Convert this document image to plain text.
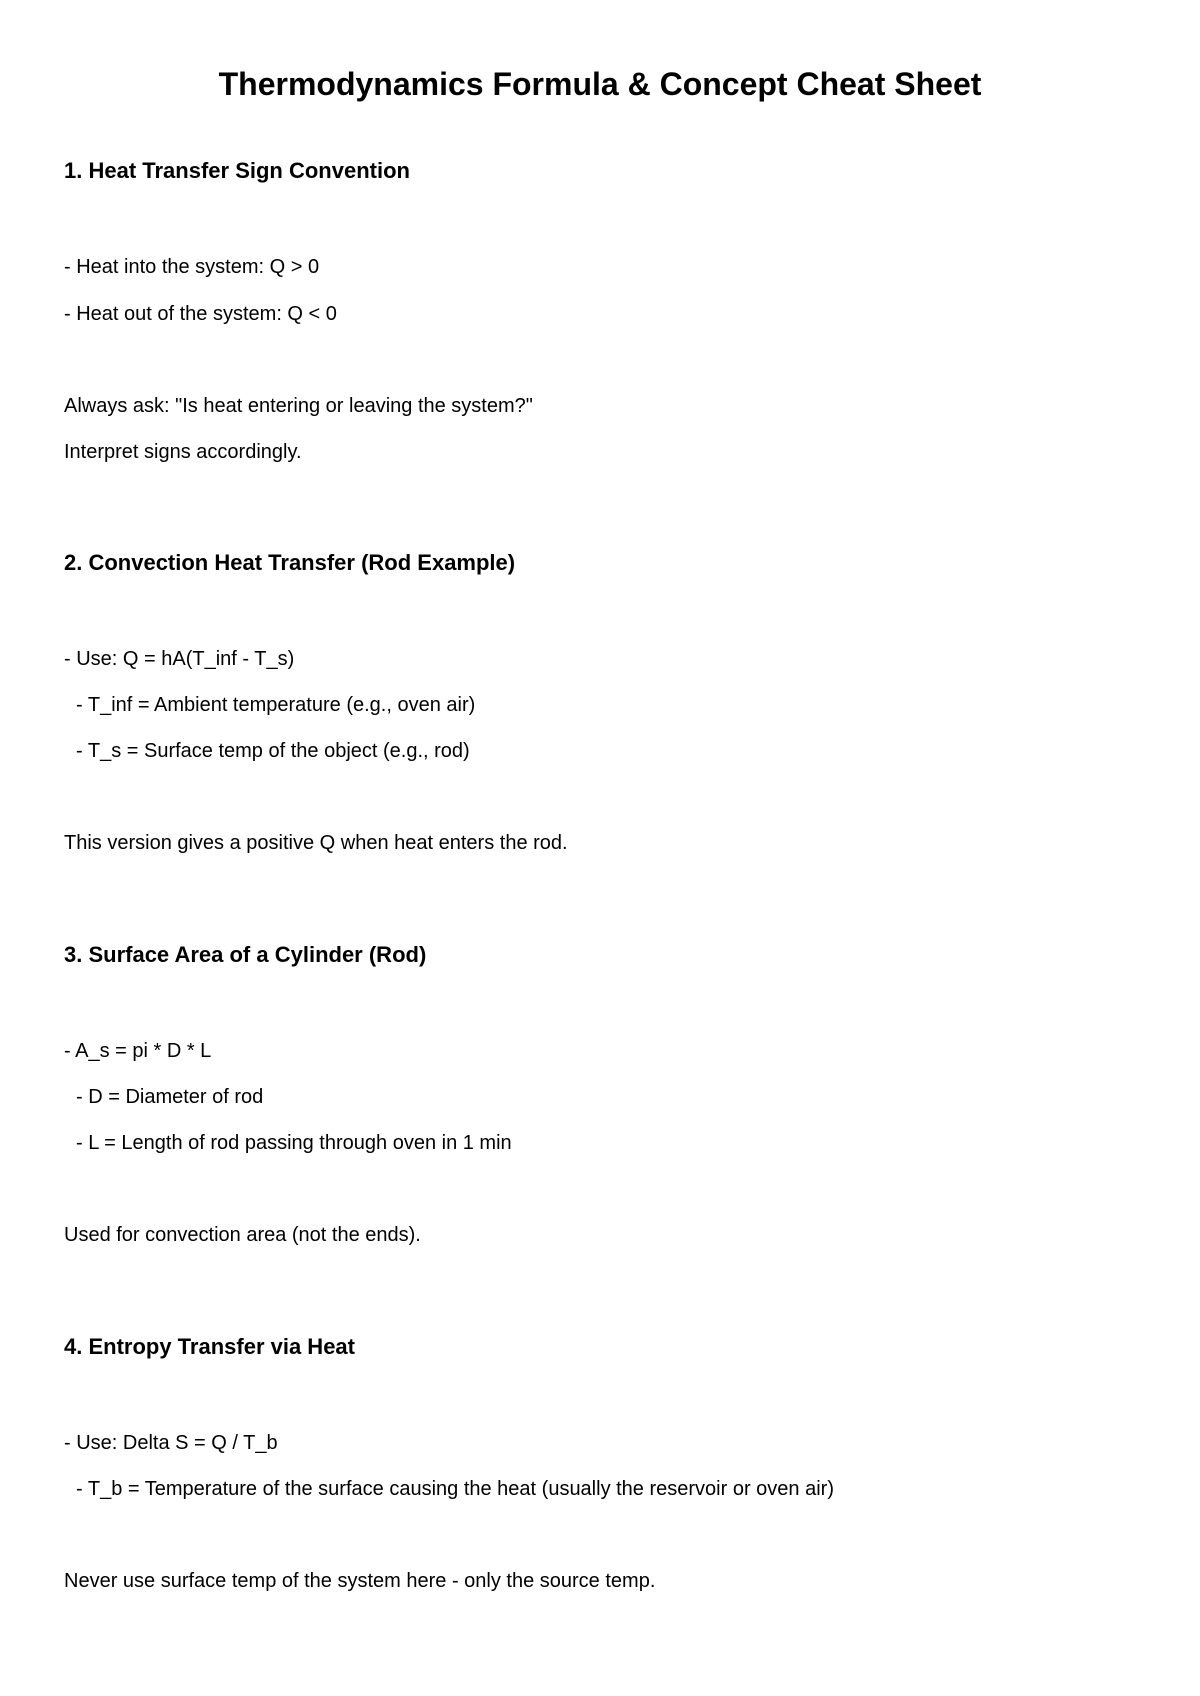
Thermodynamics Formula & Concept Cheat Sheet
1. Heat Transfer Sign Convention
- Heat into the system: Q > 0
- Heat out of the system: Q < 0
Always ask: "Is heat entering or leaving the system?"
Interpret signs accordingly.
2. Convection Heat Transfer (Rod Example)
- Use: Q = hA(T_inf - T_s)
- T_inf = Ambient temperature (e.g., oven air)
- T_s = Surface temp of the object (e.g., rod)
This version gives a positive Q when heat enters the rod.
3. Surface Area of a Cylinder (Rod)
- A_s = pi * D * L
- D = Diameter of rod
- L = Length of rod passing through oven in 1 min
Used for convection area (not the ends).
4. Entropy Transfer via Heat
- Use: Delta S = Q / T_b
- T_b = Temperature of the surface causing the heat (usually the reservoir or oven air)
Never use surface temp of the system here - only the source temp.
